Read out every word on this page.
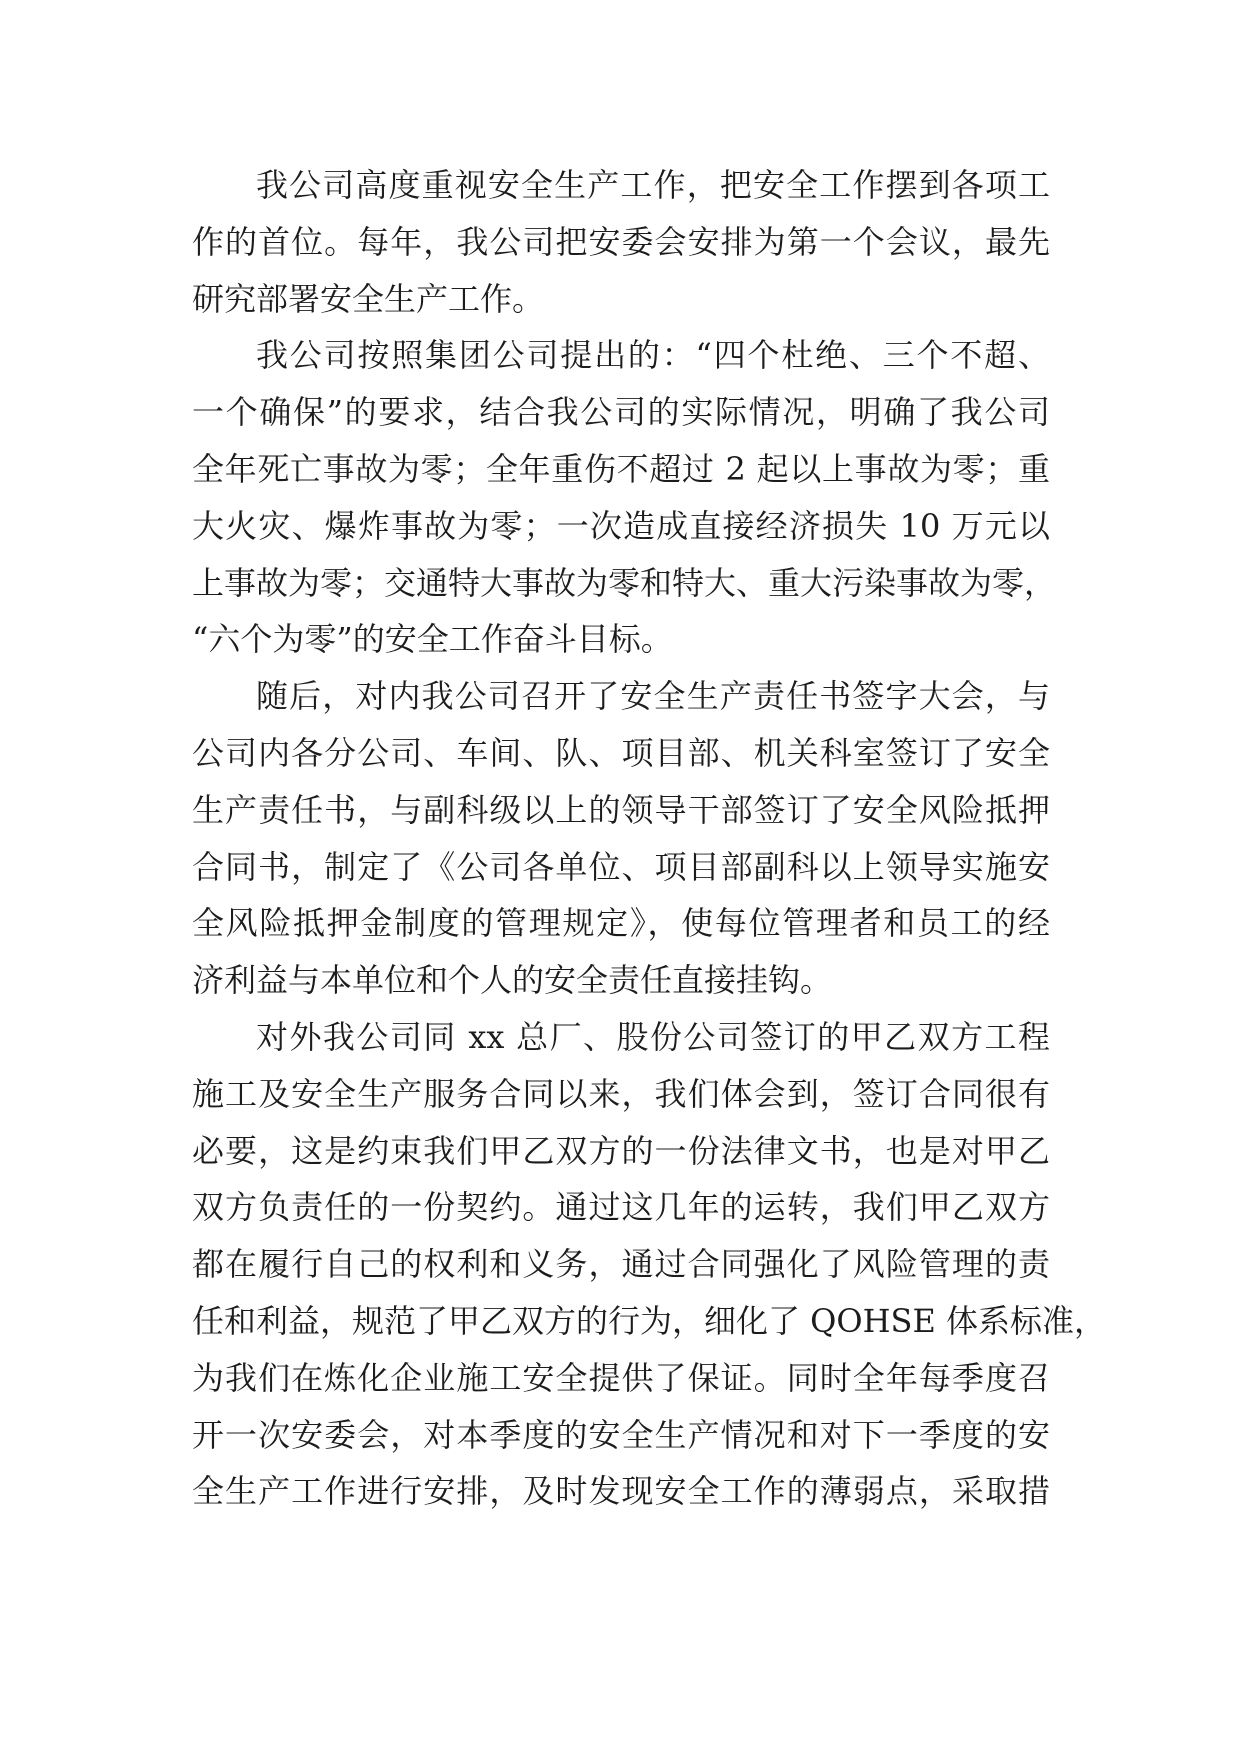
我公司高度重视安全生产工作，把安全工作摆到各项工
作的首位。每年，我公司把安委会安排为第一个会议，最先
研究部署安全生产工作。
我公司按照集团公司提出的：“四个杜绝、三个不超、
一个确保”的要求，结合我公司的实际情况，明确了我公司
全年死亡事故为零；全年重伤不超过 2 起以上事故为零；重
大火灾、爆炸事故为零；一次造成直接经济损失 10 万元以
上事故为零；交通特大事故为零和特大、重大污染事故为零，
“六个为零”的安全工作奋斗目标。
随后，对内我公司召开了安全生产责任书签字大会，与
公司内各分公司、车间、队、项目部、机关科室签订了安全
生产责任书，与副科级以上的领导干部签订了安全风险抵押
合同书，制定了《公司各单位、项目部副科以上领导实施安
全风险抵押金制度的管理规定》，使每位管理者和员工的经
济利益与本单位和个人的安全责任直接挂钩。
对外我公司同 xx 总厂、股份公司签订的甲乙双方工程
施工及安全生产服务合同以来，我们体会到，签订合同很有
必要，这是约束我们甲乙双方的一份法律文书，也是对甲乙
双方负责任的一份契约。通过这几年的运转，我们甲乙双方
都在履行自己的权利和义务，通过合同强化了风险管理的责
任和利益，规范了甲乙双方的行为，细化了 QOHSE 体系标准，
为我们在炼化企业施工安全提供了保证。同时全年每季度召
开一次安委会，对本季度的安全生产情况和对下一季度的安
全生产工作进行安排，及时发现安全工作的薄弱点，采取措
